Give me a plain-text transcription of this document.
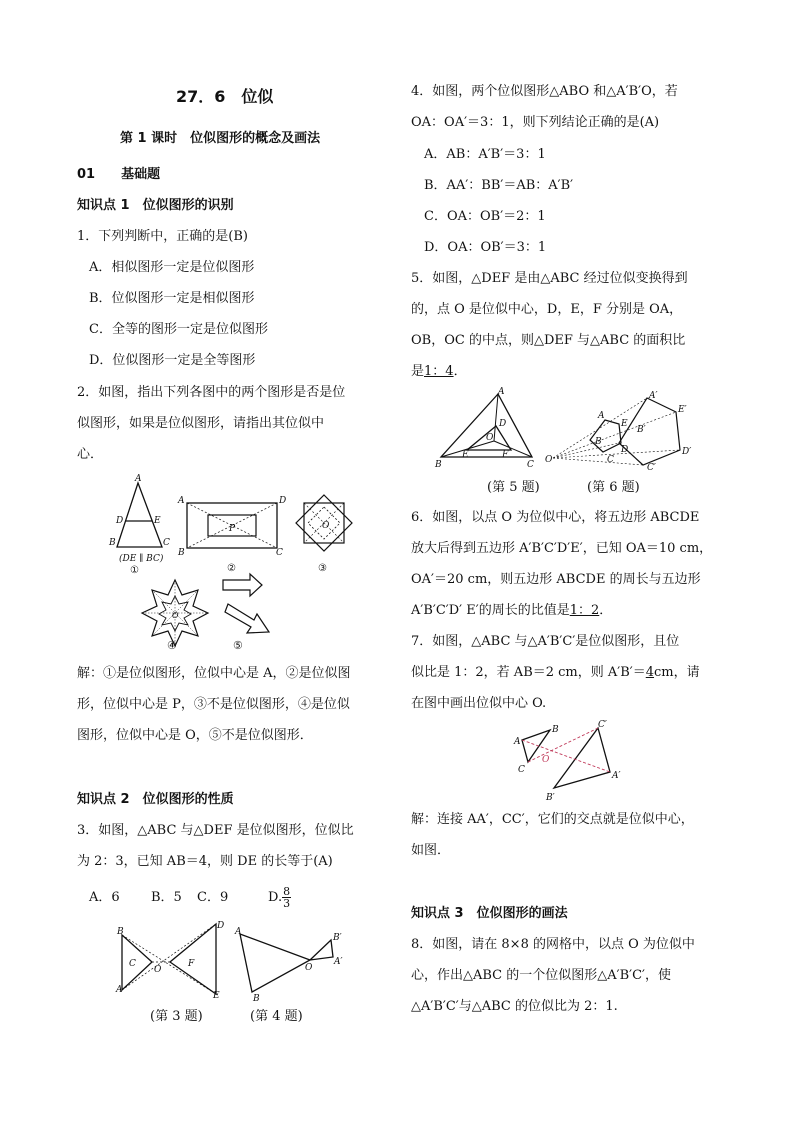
27．6　位似
第 1 课时　位似图形的概念及画法
01　　基础题
知识点 1　位似图形的识别
1．下列判断中，正确的是(B)
A．相似图形一定是位似图形
B．位似图形一定是相似图形
C．全等的图形一定是位似图形
D．位似图形一定是全等图形
2．如图，指出下列各图中的两个图形是否是位
似图形，如果是位似图形，请指出其位似中
心．
A
D	E
B	C
(DE ∥ BC)
①
A	D
B	C
P
②
O
③
O
④	⑤
解：①是位似图形，位似中心是 A，②是位似图
形，位似中心是 P，③不是位似图形，④是位似
图形，位似中心是 O，⑤不是位似图形．
知识点 2　位似图形的性质
3．如图，△ABC 与△DEF 是位似图形，位似比
为 2：3，已知 AB＝4，则 DE 的长等于(A)
A．6 B．5 C．9	D. $\frac{8}{3}$
B
C
A
O
F
D
E
A
B
O
B′
A′
(第 3 题)	(第 4 题)
4．如图，两个位似图形△ABO 和△A′B′O，若
OA：OA′＝3：1，则下列结论正确的是(A)
A．AB：A′B′＝3：1
B．AA′：BB′＝AB：A′B′
C．OA：OB′＝2：1
D．OA：OB′＝3：1
5．如图，△DEF 是由△ABC 经过位似变换得到
的，点 O 是位似中心，D，E，F 分别是 OA，
OB，OC 的中点，则△DEF 与△ABC 的面积比
是1：4．
A
D
O
B
E	F
C O
A
E
B
D
C
A′
E′
B′
D′
C′
(第 5 题)	(第 6 题)
6．如图，以点 O 为位似中心，将五边形 ABCDE
放大后得到五边形 A′B′C′D′E′，已知 OA＝10 cm，
OA′＝20 cm，则五边形 ABCDE 的周长与五边形
A′B′C′D′ E′的周长的比值是1：2．
7．如图，△ABC 与△A′B′C′是位似图形，且位
似比是 1：2，若 AB＝2 cm，则 A′B′＝4cm，请
在图中画出位似中心 O.
A
B
C
O
C′
A′
B′
解：连接 AA′，CC′，它们的交点就是位似中心，
如图．
知识点 3　位似图形的画法
8．如图，请在 8×8 的网格中，以点 O 为位似中
心，作出△ABC 的一个位似图形△A′B′C′，使
△A′B′C′与△ABC 的位似比为 2：1.
